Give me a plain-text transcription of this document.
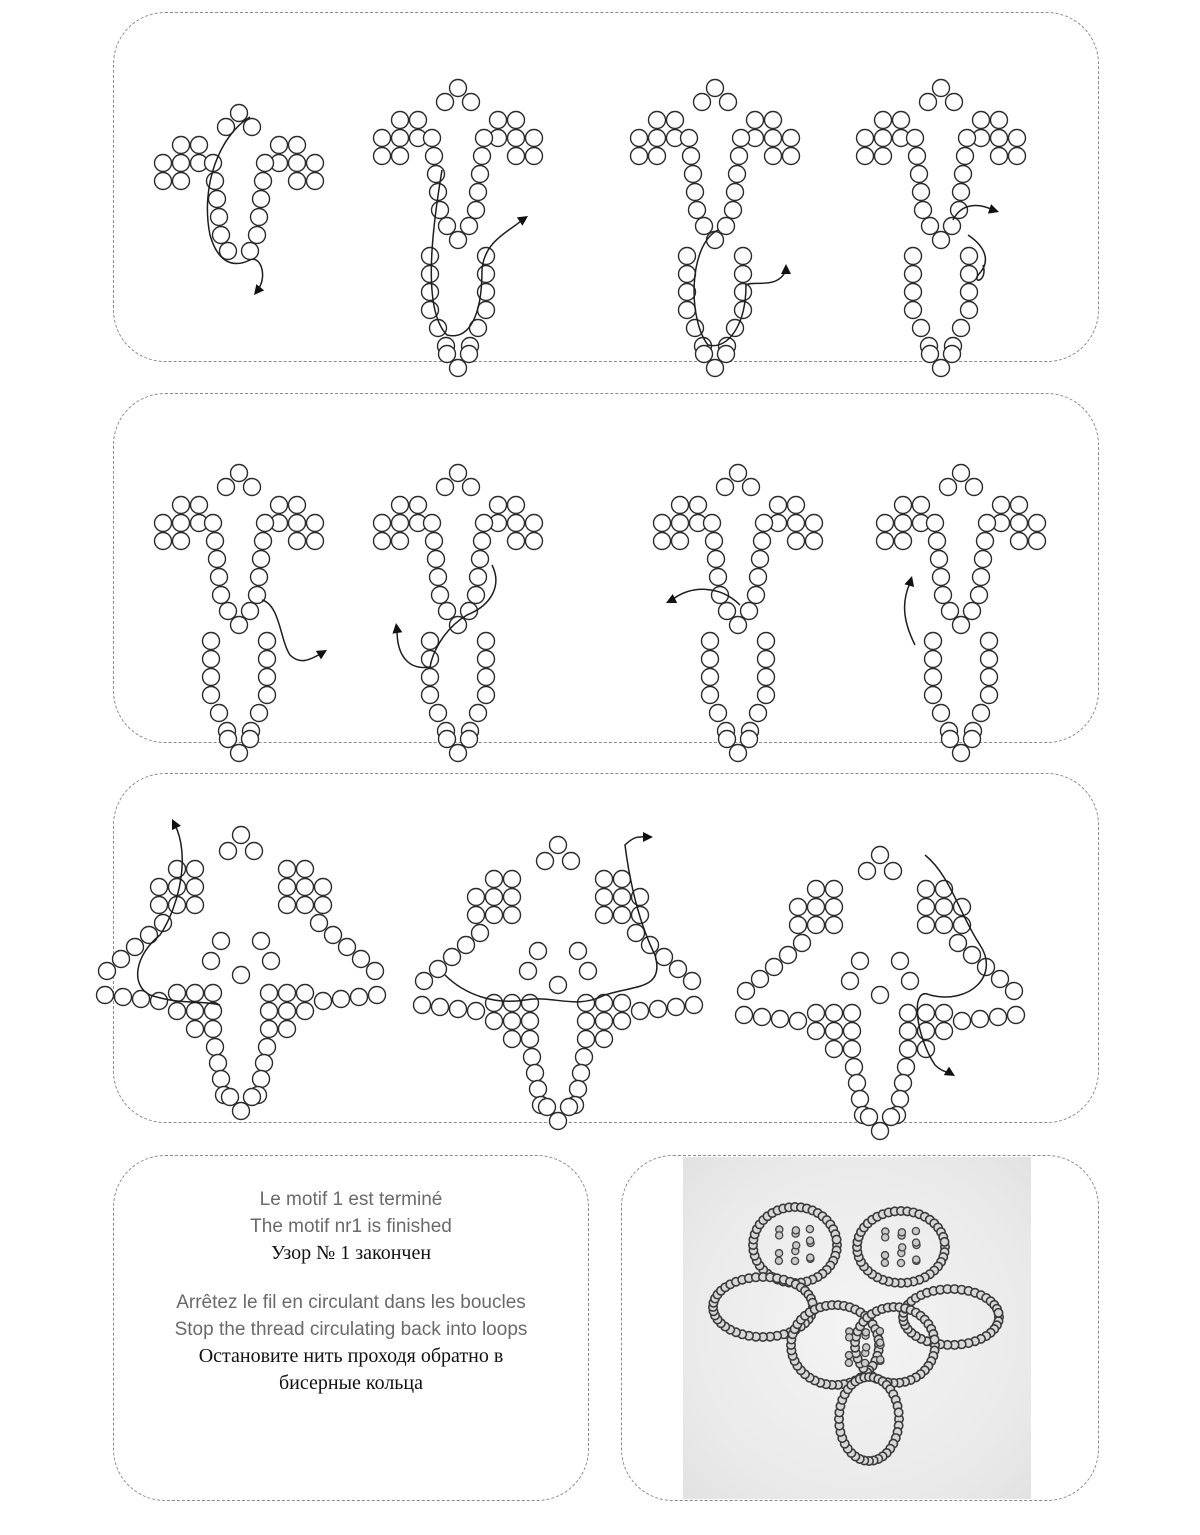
Le motif 1 est terminé

The motif nr1 is finished

Узор № 1 закончен

Arrêtez le fil en circulant dans les boucles

Stop the thread circulating back into loops

Остановите нить проходя обратно в

бисерные кольца
